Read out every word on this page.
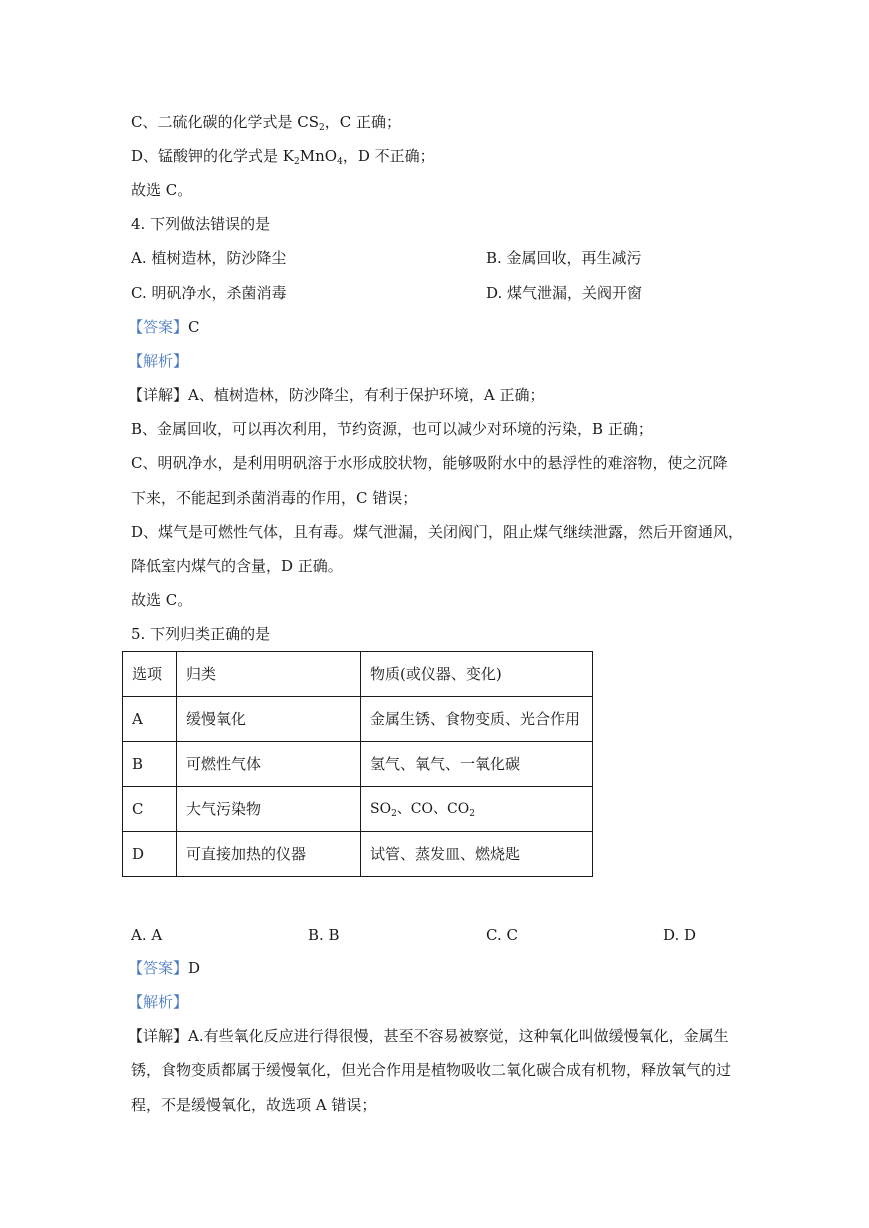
C、二硫化碳的化学式是 $CS_2$，C 正确；
D、锰酸钾的化学式是 $K_2MnO_4$，D 不正确；
故选 C。
4. 下列做法错误的是
A. 植树造林，防沙降尘	B. 金属回收，再生减污
C. 明矾净水，杀菌消毒	D. 煤气泄漏，关阀开窗
【答案】C
【解析】
【详解】A、植树造林，防沙降尘，有利于保护环境，A 正确；
B、金属回收，可以再次利用，节约资源，也可以减少对环境的污染，B 正确；
C、明矾净水，是利用明矾溶于水形成胶状物，能够吸附水中的悬浮性的难溶物，使之沉降
下来，不能起到杀菌消毒的作用，C 错误；
D、煤气是可燃性气体，且有毒。煤气泄漏，关闭阀门，阻止煤气继续泄露，然后开窗通风，
降低室内煤气的含量，D 正确。
故选 C。
5. 下列归类正确的是
选项	归类	物质(或仪器、变化)
A	缓慢氧化	金属生锈、食物变质、光合作用
B	可燃性气体	氢气、氧气、一氧化碳
C	大气污染物	$SO_2$、CO、$CO_2$
D	可直接加热的仪器	试管、蒸发皿、燃烧匙
A. A	B. B	C. C	D. D
【答案】D
【解析】
【详解】A.有些氧化反应进行得很慢，甚至不容易被察觉，这种氧化叫做缓慢氧化，金属生
锈，食物变质都属于缓慢氧化，但光合作用是植物吸收二氧化碳合成有机物，释放氧气的过
程，不是缓慢氧化，故选项 A 错误；
